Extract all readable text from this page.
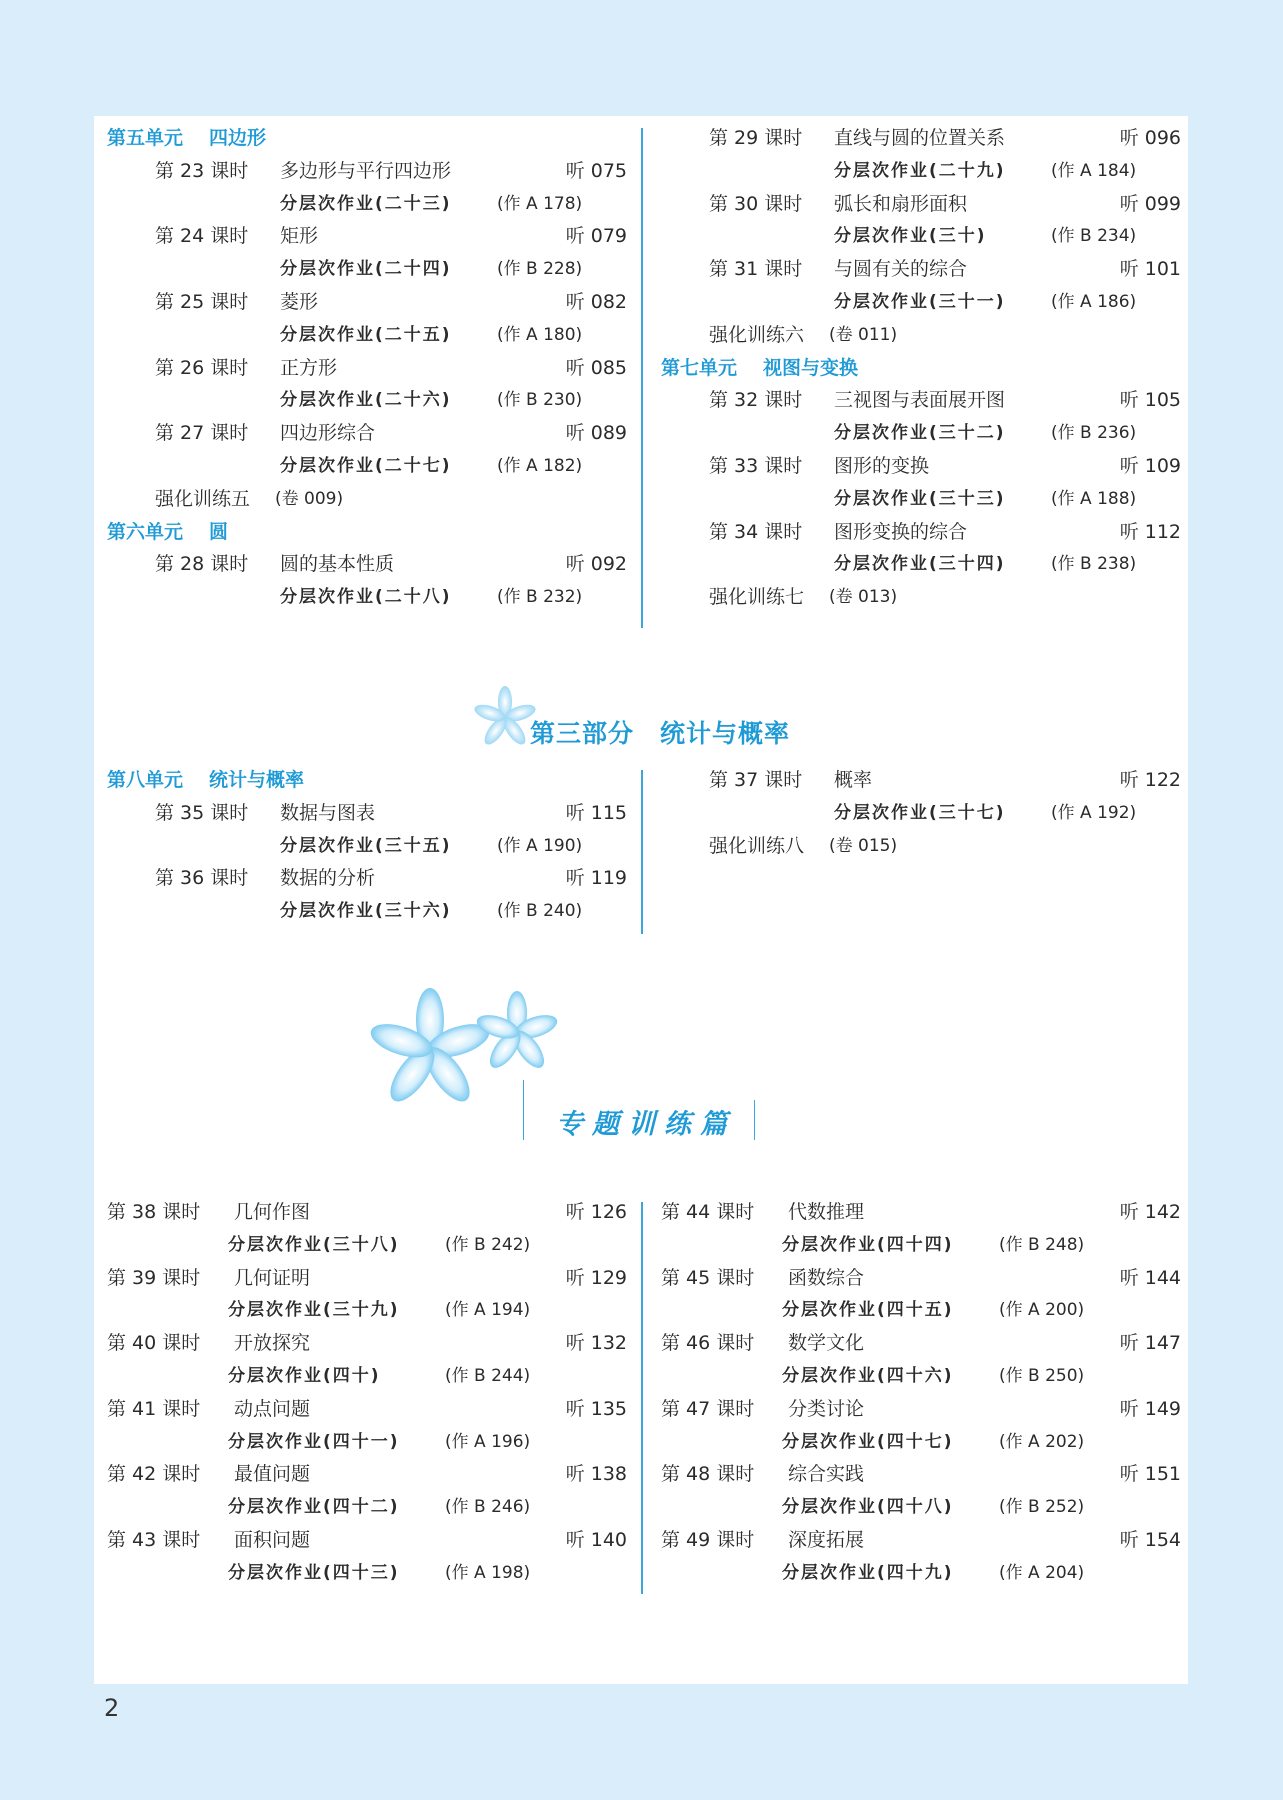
第五单元 四边形
第 23 课时 多边形与平行四边形	听 075
分层次作业(二十三)	(作 A 178)
第 24 课时 矩形	听 079
分层次作业(二十四)	(作 B 228)
第 25 课时 菱形	听 082
分层次作业(二十五)	(作 A 180)
第 26 课时 正方形	听 085
分层次作业(二十六)	(作 B 230)
第 27 课时 四边形综合	听 089
分层次作业(二十七)	(作 A 182)
强化训练五 (卷 009)
第六单元 圆
第 28 课时 圆的基本性质	听 092
分层次作业(二十八)	(作 B 232)
第 29 课时 直线与圆的位置关系	听 096
分层次作业(二十九)	(作 A 184)
第 30 课时 弧长和扇形面积	听 099
分层次作业(三十)	(作 B 234)
第 31 课时 与圆有关的综合	听 101
分层次作业(三十一)	(作 A 186)
强化训练六 (卷 011)
第七单元 视图与变换
第 32 课时 三视图与表面展开图	听 105
分层次作业(三十二)	(作 B 236)
第 33 课时 图形的变换	听 109
分层次作业(三十三)	(作 A 188)
第 34 课时 图形变换的综合	听 112
分层次作业(三十四)	(作 B 238)
强化训练七 (卷 013)
第三部分　统计与概率
第八单元 统计与概率
第 35 课时 数据与图表	听 115
分层次作业(三十五)	(作 A 190)
第 36 课时 数据的分析	听 119
分层次作业(三十六)	(作 B 240)
第 37 课时 概率	听 122
分层次作业(三十七)	(作 A 192)
强化训练八 (卷 015)
专题训练篇
第 38 课时 几何作图	听 126
分层次作业(三十八)	(作 B 242)
第 39 课时 几何证明	听 129
分层次作业(三十九)	(作 A 194)
第 40 课时 开放探究	听 132
分层次作业(四十)	(作 B 244)
第 41 课时 动点问题	听 135
分层次作业(四十一)	(作 A 196)
第 42 课时 最值问题	听 138
分层次作业(四十二)	(作 B 246)
第 43 课时 面积问题	听 140
分层次作业(四十三)	(作 A 198)
第 44 课时 代数推理	听 142
分层次作业(四十四)	(作 B 248)
第 45 课时 函数综合	听 144
分层次作业(四十五)	(作 A 200)
第 46 课时 数学文化	听 147
分层次作业(四十六)	(作 B 250)
第 47 课时 分类讨论	听 149
分层次作业(四十七)	(作 A 202)
第 48 课时 综合实践	听 151
分层次作业(四十八)	(作 B 252)
第 49 课时 深度拓展	听 154
分层次作业(四十九)	(作 A 204)
2
